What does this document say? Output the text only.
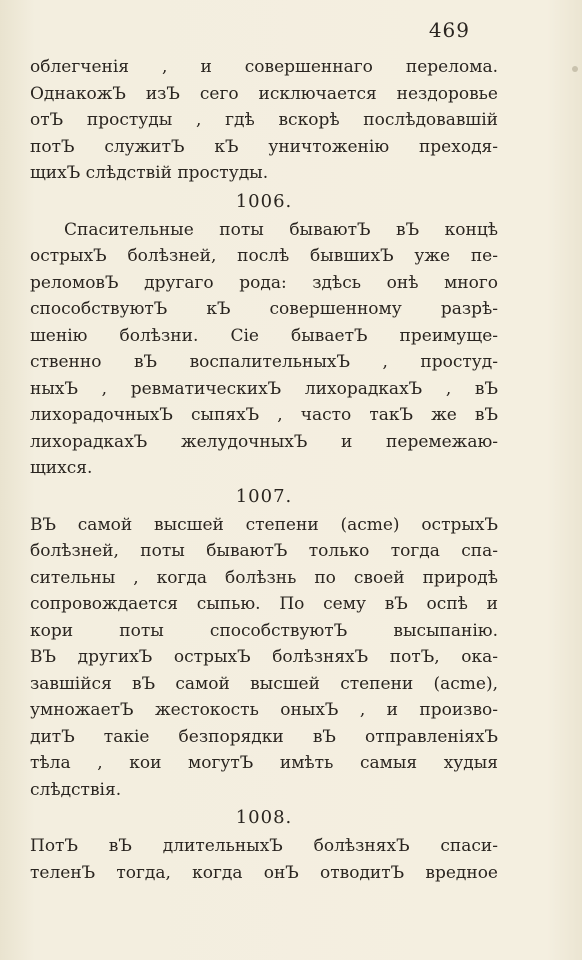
469
облегченія , и совершеннаго перелома.
ОднакожЪ изЪ сего исключается нездоровье
отЪ простуды , гдѣ вскорѣ послѣдовавшій
потЪ служитЪ кЪ уничтоженію преходя-
щихЪ слѣдствій простуды.
1006.
Спасительные поты бываютЪ вЪ концѣ
острыхЪ болѣзней, послѣ бывшихЪ уже пе-
реломовЪ другаго рода: здѣсь онѣ много
способствуютЪ кЪ совершенному разрѣ-
шенію болѣзни. Сіе бываетЪ преимуще-
ственно вЪ воспалительныхЪ , простуд-
ныхЪ , ревматическихЪ лихорадкахЪ , вЪ
лихорадочныхЪ сыпяхЪ , часто такЪ же вЪ
лихорадкахЪ желудочныхЪ и перемежаю-
щихся.
1007.
ВЪ самой высшей степени (acme) острыхЪ
болѣзней, поты бываютЪ только тогда спа-
сительны , когда болѣзнь по своей природѣ
сопровождается сыпью. По сему вЪ оспѣ и
кори поты способствуютЪ высыпанію.
ВЪ другихЪ острыхЪ болѣзняхЪ потЪ, ока-
завшійся вЪ самой высшей степени (acme),
умножаетЪ жестокость оныхЪ , и произво-
дитЪ такіе безпорядки вЪ отправленіяхЪ
тѣла , кои могутЪ имѣть самыя худыя
слѣдствія.
1008.
ПотЪ вЪ длительныхЪ болѣзняхЪ спаси-
теленЪ тогда, когда онЪ отводитЪ вредное
